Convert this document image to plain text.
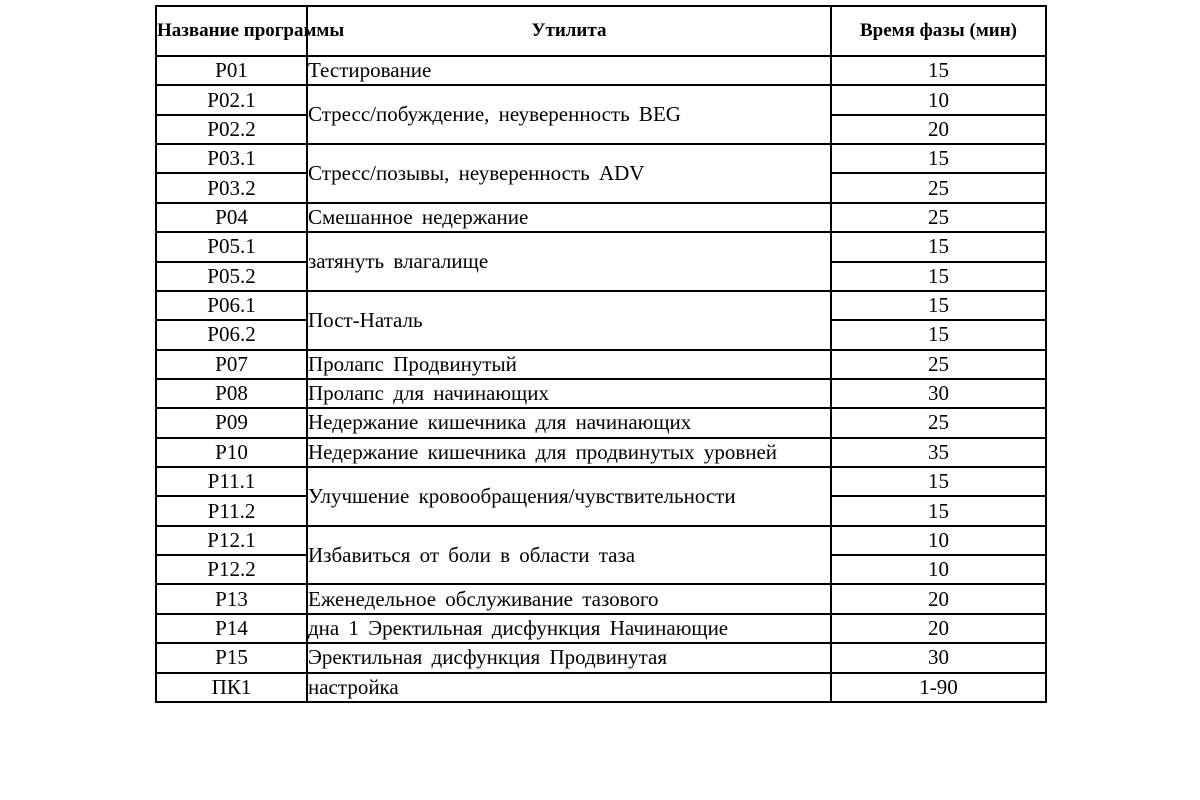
Название программы	Утилита	Время фазы (мин)
P01	Тестирование	15
P02.1	Стресс/побуждение, неуверенность BEG	10
P02.2		20
P03.1	Стресс/позывы, неуверенность ADV	15
P03.2		25
P04	Смешанное недержание	25
P05.1	затянуть влагалище	15
P05.2		15
P06.1	Пост-Наталь	15
P06.2		15
P07	Пролапс Продвинутый	25
P08	Пролапс для начинающих	30
P09	Недержание кишечника для начинающих	25
P10	Недержание кишечника для продвинутых уровней	35
P11.1	Улучшение кровообращения/чувствительности	15
P11.2		15
P12.1	Избавиться от боли в области таза	10
P12.2		10
P13	Еженедельное обслуживание тазового	20
P14	дна 1 Эректильная дисфункция Начинающие	20
P15	Эректильная дисфункция Продвинутая	30
ПК1	настройка	1-90
